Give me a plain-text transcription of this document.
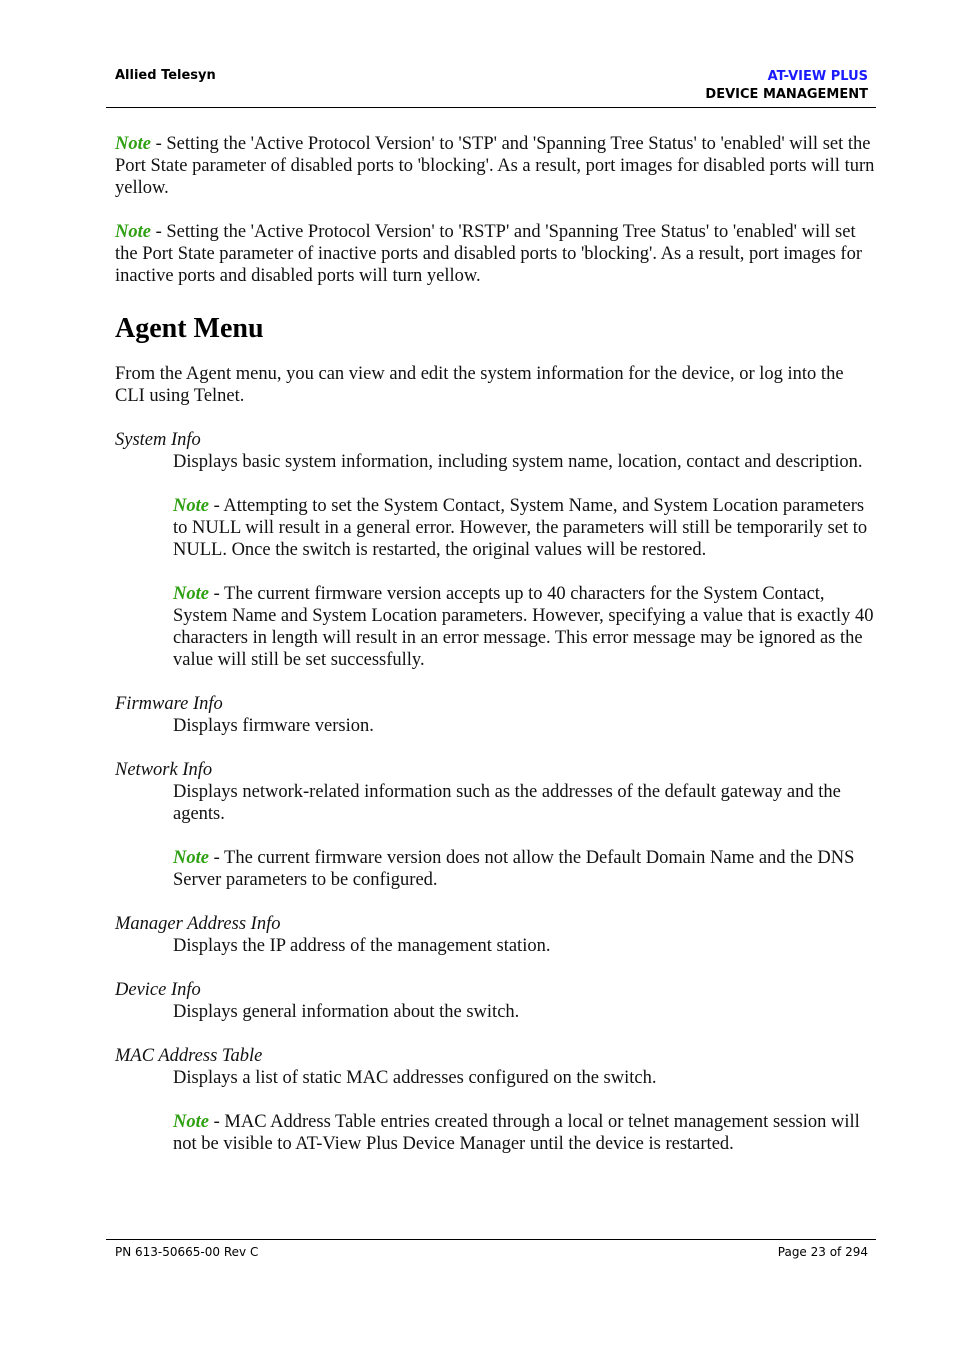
Allied Telesyn	AT-VIEW PLUS
DEVICE MANAGEMENT

Note - Setting the 'Active Protocol Version' to 'STP' and 'Spanning Tree Status' to 'enabled' will set the Port State parameter of disabled ports to 'blocking'. As a result, port images for disabled ports will turn yellow.

Note - Setting the 'Active Protocol Version' to 'RSTP' and 'Spanning Tree Status' to 'enabled' will set the Port State parameter of inactive ports and disabled ports to 'blocking'. As a result, port images for inactive ports and disabled ports will turn yellow.

Agent Menu

From the Agent menu, you can view and edit the system information for the device, or log into the CLI using Telnet.

System Info
Displays basic system information, including system name, location, contact and description.
Note - Attempting to set the System Contact, System Name, and System Location parameters to NULL will result in a general error. However, the parameters will still be temporarily set to NULL. Once the switch is restarted, the original values will be restored.
Note - The current firmware version accepts up to 40 characters for the System Contact, System Name and System Location parameters. However, specifying a value that is exactly 40 characters in length will result in an error message. This error message may be ignored as the value will still be set successfully.
Firmware Info
Displays firmware version.
Network Info
Displays network-related information such as the addresses of the default gateway and the agents.
Note - The current firmware version does not allow the Default Domain Name and the DNS Server parameters to be configured.
Manager Address Info
Displays the IP address of the management station.
Device Info
Displays general information about the switch.
MAC Address Table
Displays a list of static MAC addresses configured on the switch.
Note - MAC Address Table entries created through a local or telnet management session will not be visible to AT-View Plus Device Manager until the device is restarted.
PN 613-50665-00 Rev C	Page 23 of 294
